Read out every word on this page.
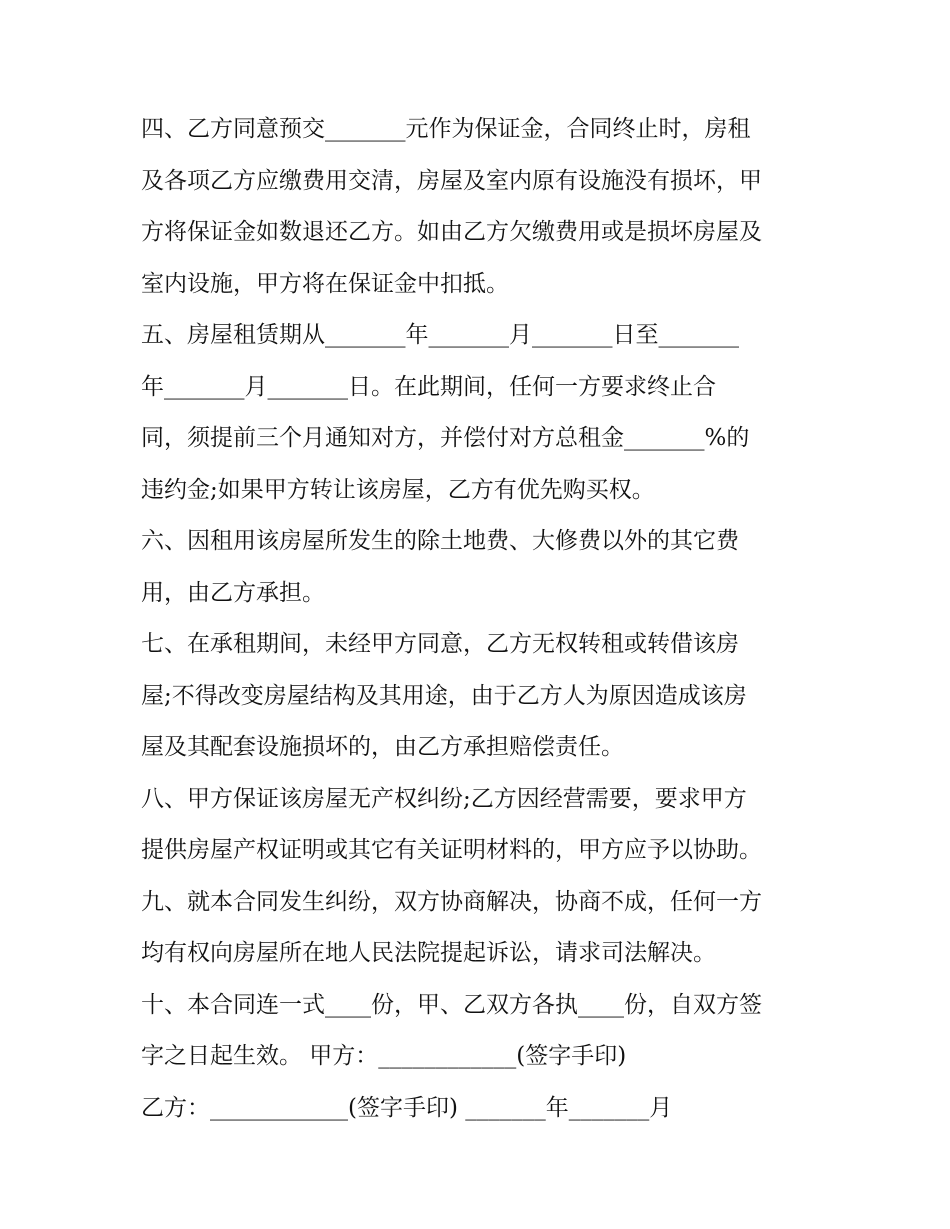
四、乙方同意预交_______元作为保证金，合同终止时，房租
及各项乙方应缴费用交清，房屋及室内原有设施没有损坏，甲
方将保证金如数退还乙方。如由乙方欠缴费用或是损坏房屋及
室内设施，甲方将在保证金中扣抵。
五、房屋租赁期从_______年_______月_______日至_______
年_______月_______日。在此期间，任何一方要求终止合
同，须提前三个月通知对方，并偿付对方总租金_______%的
违约金;如果甲方转让该房屋，乙方有优先购买权。
六、因租用该房屋所发生的除土地费、大修费以外的其它费
用，由乙方承担。
七、在承租期间，未经甲方同意，乙方无权转租或转借该房
屋;不得改变房屋结构及其用途，由于乙方人为原因造成该房
屋及其配套设施损坏的，由乙方承担赔偿责任。
八、甲方保证该房屋无产权纠纷;乙方因经营需要，要求甲方
提供房屋产权证明或其它有关证明材料的，甲方应予以协助。
九、就本合同发生纠纷，双方协商解决，协商不成，任何一方
均有权向房屋所在地人民法院提起诉讼，请求司法解决。
十、本合同连一式____份，甲、乙双方各执____份，自双方签
字之日起生效。 甲方：____________(签字手印)
乙方：____________(签字手印) _______年_______月
